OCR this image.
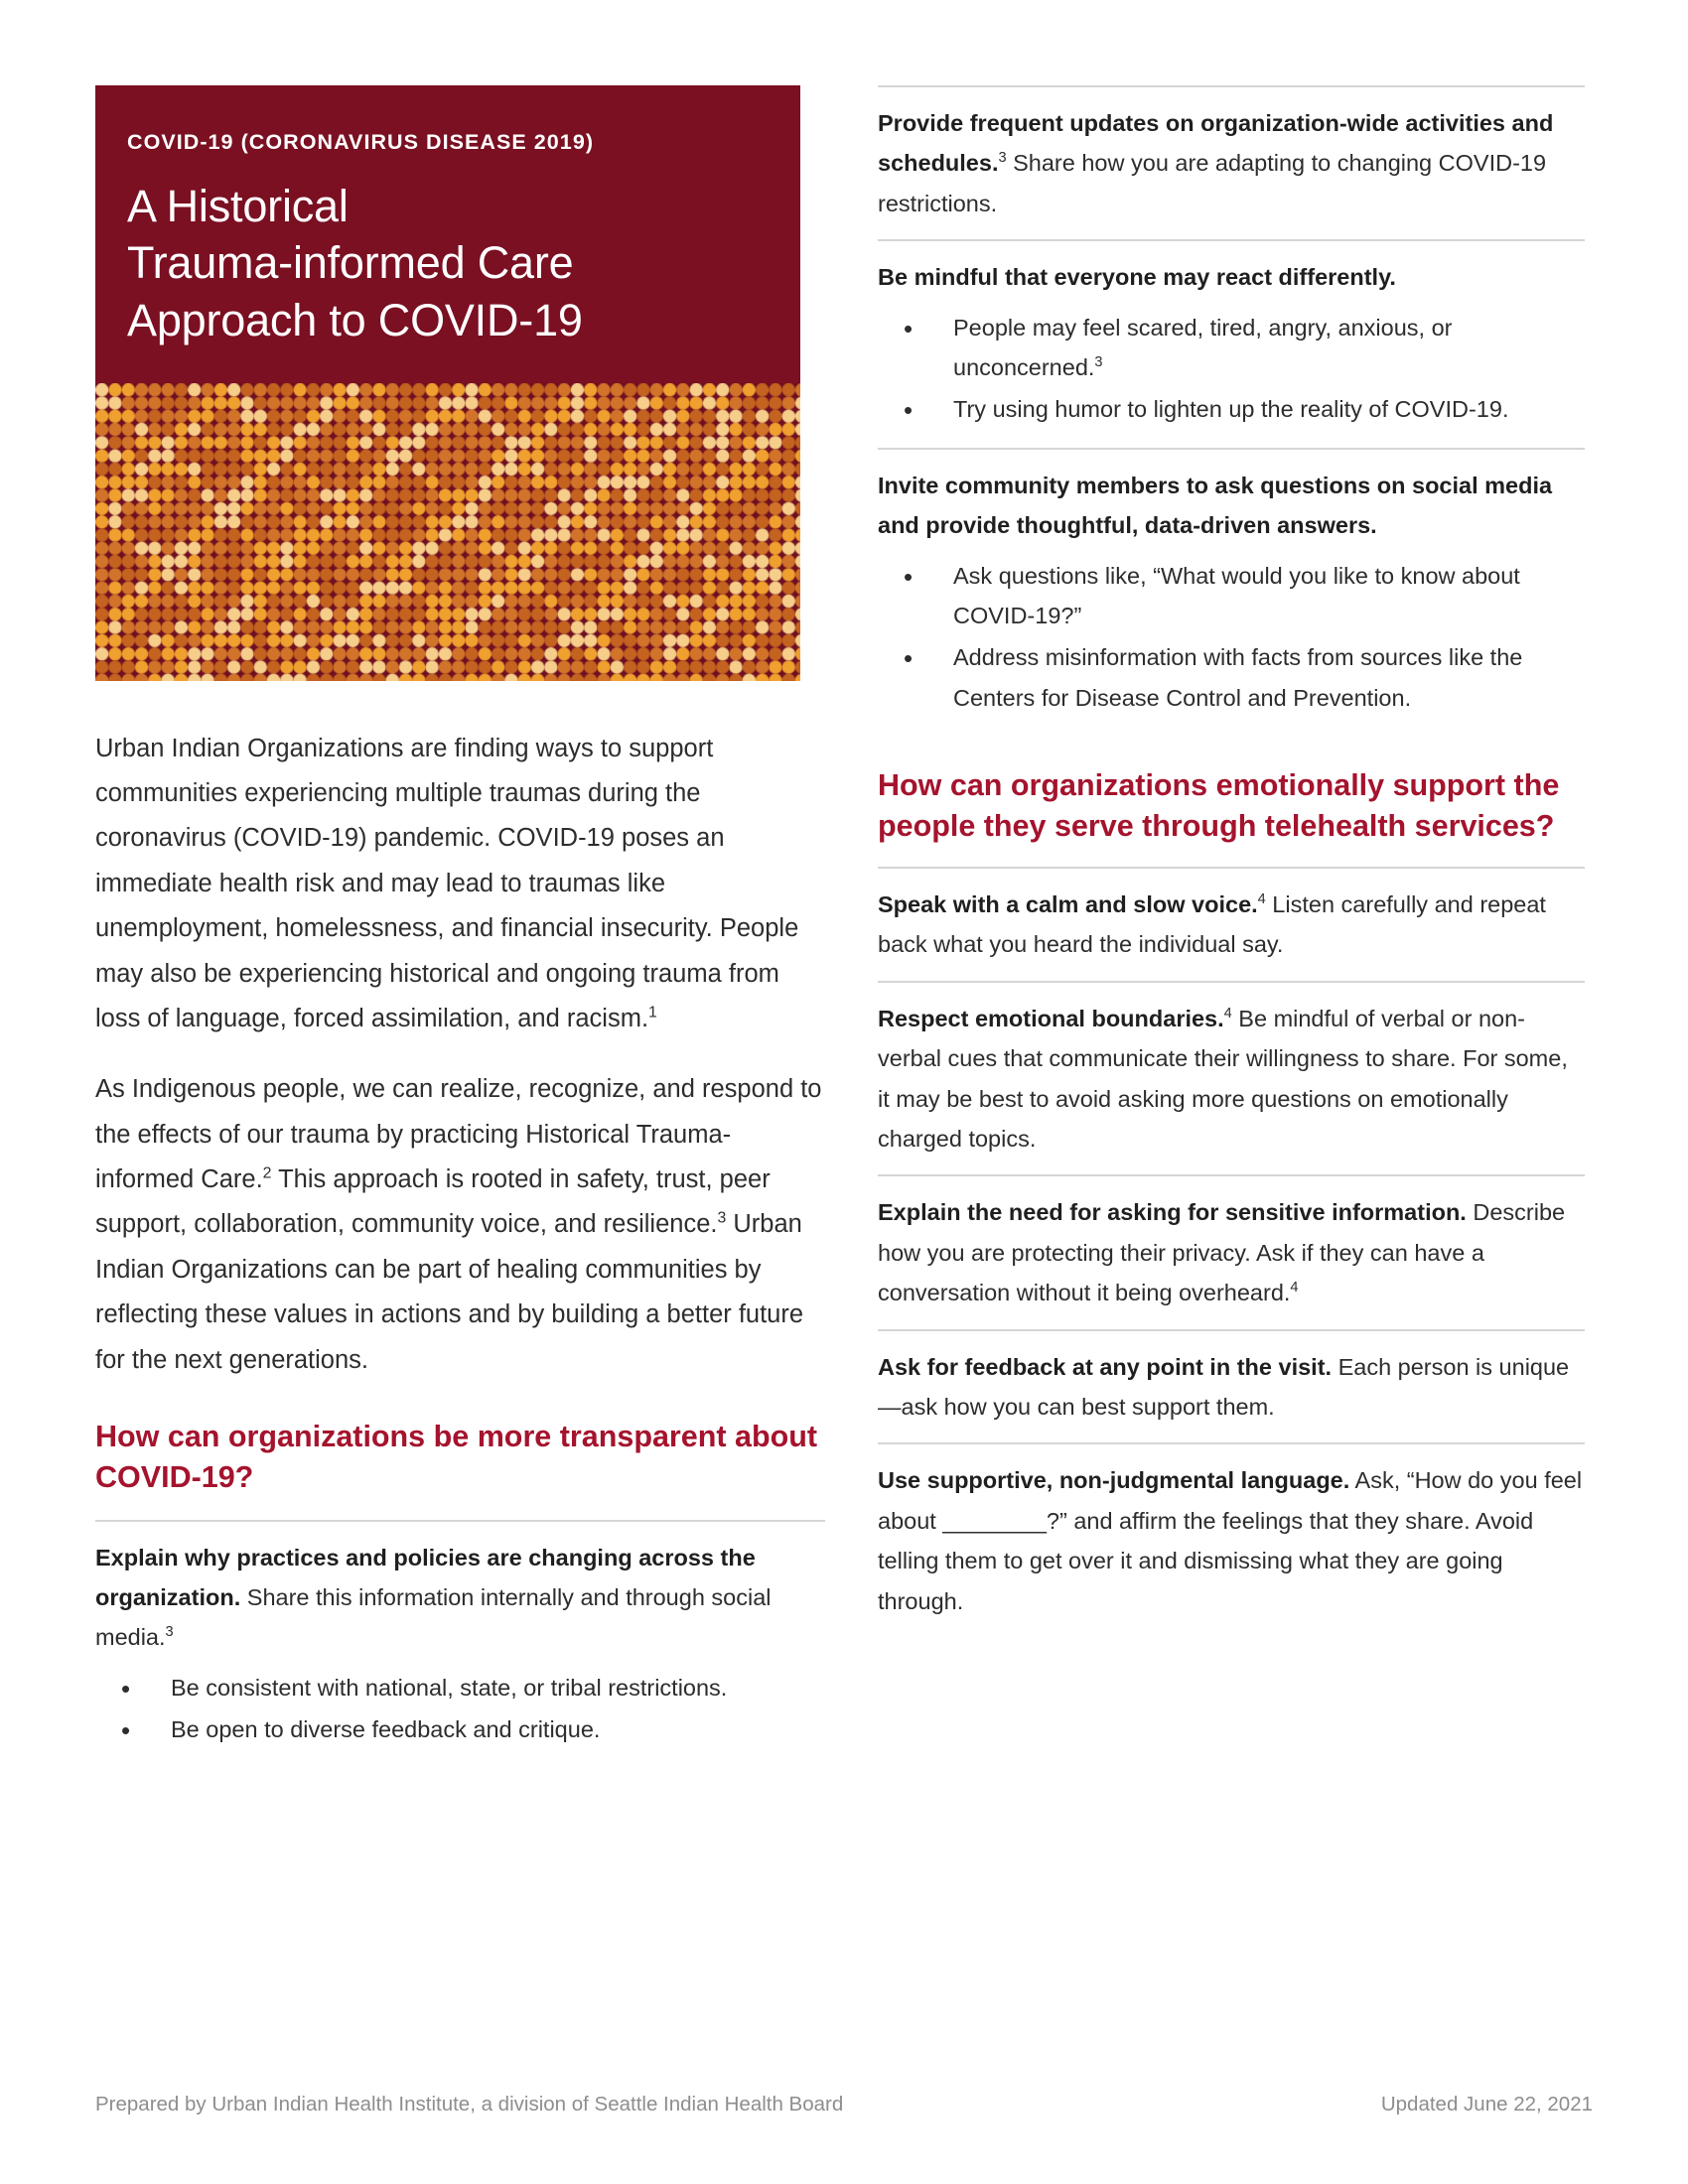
COVID-19 (CORONAVIRUS DISEASE 2019)
A Historical
Trauma-informed Care
Approach to COVID-19

Urban Indian Organizations are finding ways to support communities experiencing multiple traumas during the coronavirus (COVID-19) pandemic. COVID-19 poses an immediate health risk and may lead to traumas like unemployment, homelessness, and financial insecurity. People may also be experiencing historical and ongoing trauma from loss of language, forced assimilation, and racism.$^1$

As Indigenous people, we can realize, recognize, and respond to the effects of our trauma by practicing Historical Trauma-informed Care.$^2$ This approach is rooted in safety, trust, peer support, collaboration, community voice, and resilience.$^3$ Urban Indian Organizations can be part of healing communities by reflecting these values in actions and by building a better future for the next generations.

How can organizations be more transparent about COVID-19?

Explain why practices and policies are changing across the organization. Share this information internally and through social media.$^3$

• Be consistent with national, state, or tribal restrictions.
• Be open to diverse feedback and critique.

Provide frequent updates on organization-wide activities and schedules.$^3$ Share how you are adapting to changing COVID-19 restrictions.

Be mindful that everyone may react differently.

• People may feel scared, tired, angry, anxious, or unconcerned.$^3$
• Try using humor to lighten up the reality of COVID-19.

Invite community members to ask questions on social media and provide thoughtful, data-driven answers.

• Ask questions like, “What would you like to know about COVID-19?”
• Address misinformation with facts from sources like the Centers for Disease Control and Prevention.
How can organizations emotionally support the people they serve through telehealth services?

Speak with a calm and slow voice.$^4$ Listen carefully and repeat back what you heard the individual say.

Respect emotional boundaries.$^4$ Be mindful of verbal or non-verbal cues that communicate their willingness to share. For some, it may be best to avoid asking more questions on emotionally charged topics.

Explain the need for asking for sensitive information. Describe how you are protecting their privacy. Ask if they can have a conversation without it being overheard.$^4$

Ask for feedback at any point in the visit. Each person is unique—ask how you can best support them.

Use supportive, non-judgmental language. Ask, “How do you feel about ________?” and affirm the feelings that they share. Avoid telling them to get over it and dismissing what they are going through.

Prepared by Urban Indian Health Institute, a division of Seattle Indian Health Board	Updated June 22, 2021
